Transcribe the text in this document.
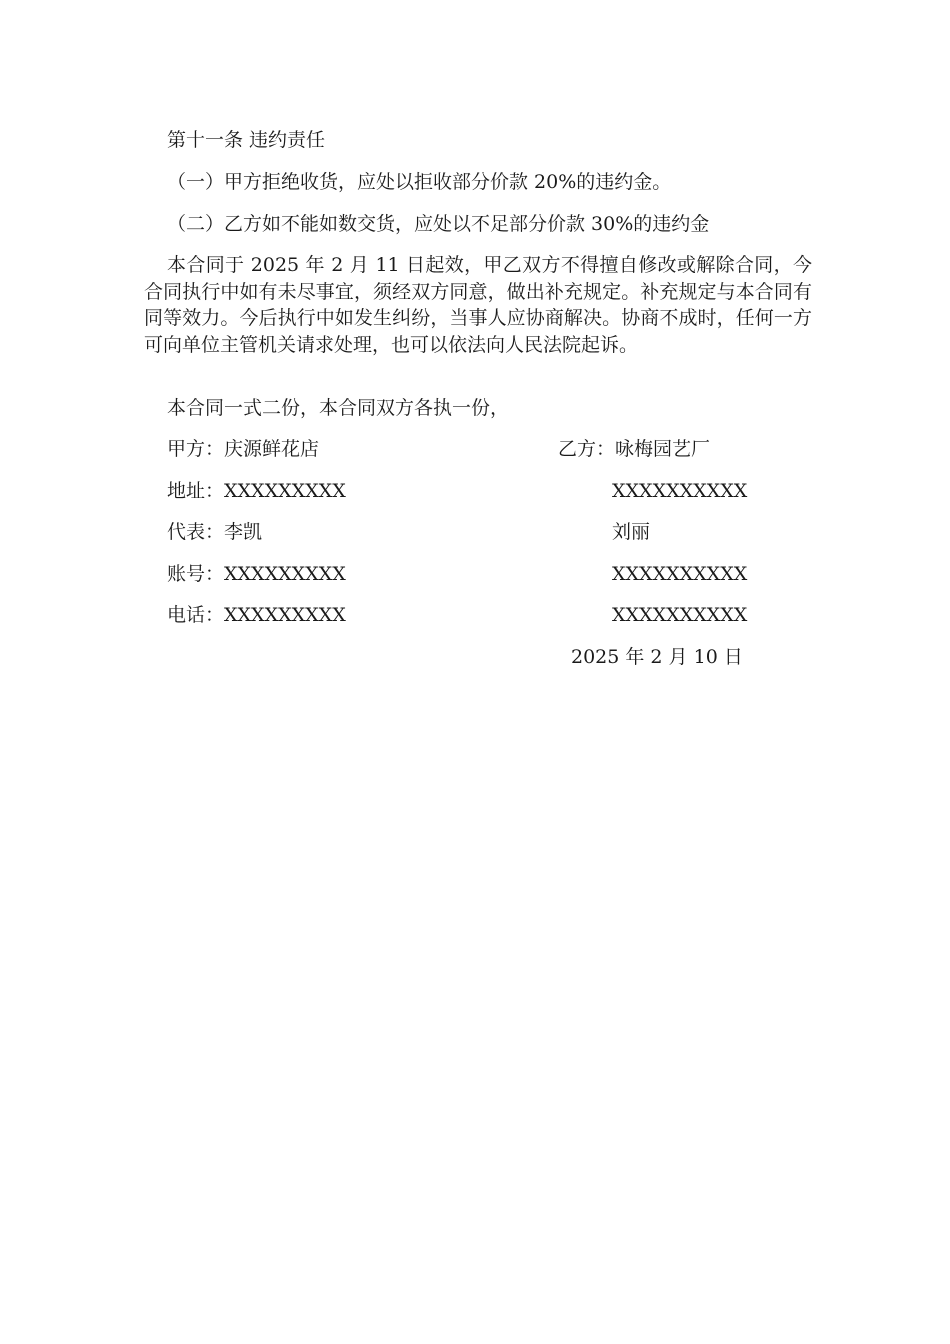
第十一条 违约责任
（一）甲方拒绝收货，应处以拒收部分价款 20%的违约金。
（二）乙方如不能如数交货，应处以不足部分价款 30%的违约金
本合同于 2025 年 2 月 11 日起效，甲乙双方不得擅自修改或解除合同，今合同执行中如有未尽事宜，须经双方同意，做出补充规定。补充规定与本合同有同等效力。今后执行中如发生纠纷，当事人应协商解决。协商不成时，任何一方可向单位主管机关请求处理，也可以依法向人民法院起诉。
本合同一式二份，本合同双方各执一份，
甲方：庆源鲜花店
地址：XXXXXXXXX
代表：李凯
账号：XXXXXXXXX
电话：XXXXXXXXX
乙方：咏梅园艺厂
XXXXXXXXXX
刘丽
XXXXXXXXXX
XXXXXXXXXX
2025 年 2 月 10 日
